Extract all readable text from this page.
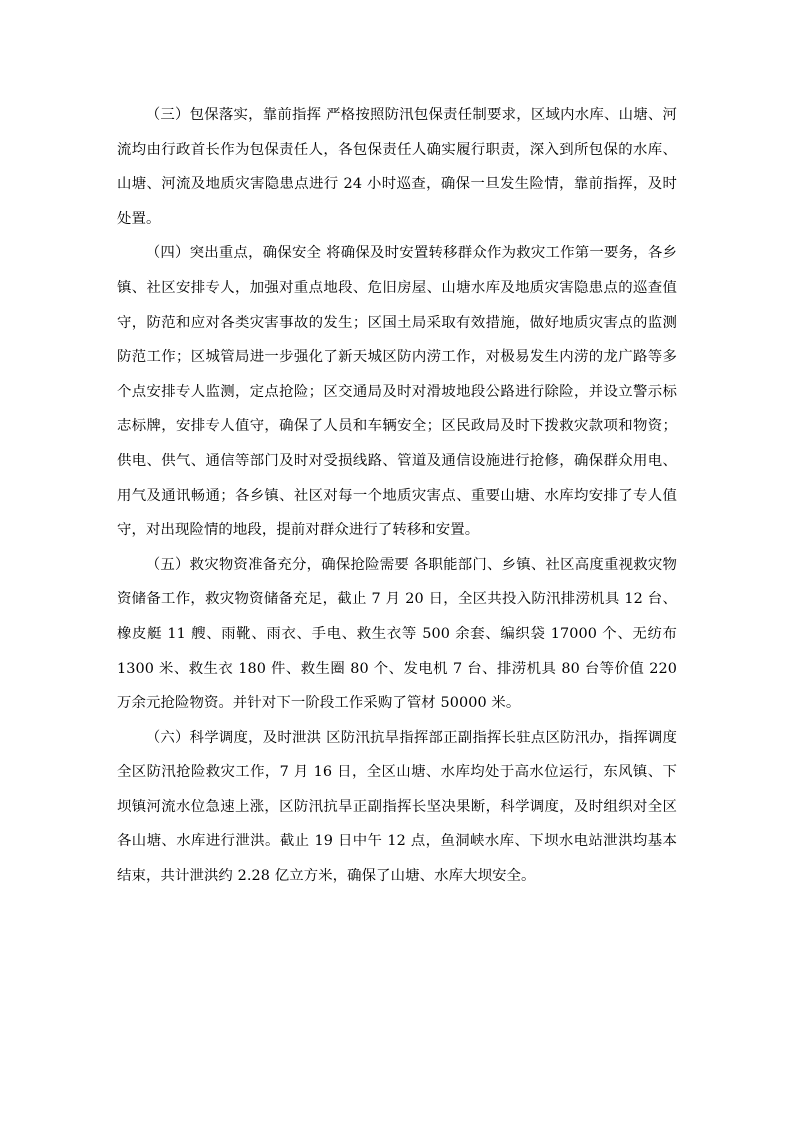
（三）包保落实，靠前指挥 严格按照防汛包保责任制要求，区域内水库、山塘、河流均由行政首长作为包保责任人，各包保责任人确实履行职责，深入到所包保的水库、山塘、河流及地质灾害隐患点进行 24 小时巡查，确保一旦发生险情，靠前指挥，及时处置。

（四）突出重点，确保安全 将确保及时安置转移群众作为救灾工作第一要务，各乡镇、社区安排专人，加强对重点地段、危旧房屋、山塘水库及地质灾害隐患点的巡查值守，防范和应对各类灾害事故的发生；区国土局采取有效措施，做好地质灾害点的监测防范工作；区城管局进一步强化了新天城区防内涝工作，对极易发生内涝的龙广路等多个点安排专人监测，定点抢险；区交通局及时对滑坡地段公路进行除险，并设立警示标志标牌，安排专人值守，确保了人员和车辆安全；区民政局及时下拨救灾款项和物资；供电、供气、通信等部门及时对受损线路、管道及通信设施进行抢修，确保群众用电、用气及通讯畅通；各乡镇、社区对每一个地质灾害点、重要山塘、水库均安排了专人值守，对出现险情的地段，提前对群众进行了转移和安置。

（五）救灾物资准备充分，确保抢险需要 各职能部门、乡镇、社区高度重视救灾物资储备工作，救灾物资储备充足，截止 7 月 20 日，全区共投入防汛排涝机具 12 台、橡皮艇 11 艘、雨靴、雨衣、手电、救生衣等 500 余套、编织袋 17000 个、无纺布 1300 米、救生衣 180 件、救生圈 80 个、发电机 7 台、排涝机具 80 台等价值 220 万余元抢险物资。并针对下一阶段工作采购了管材 50000 米。

（六）科学调度，及时泄洪 区防汛抗旱指挥部正副指挥长驻点区防汛办，指挥调度全区防汛抢险救灾工作，7 月 16 日，全区山塘、水库均处于高水位运行，东风镇、下坝镇河流水位急速上涨，区防汛抗旱正副指挥长坚决果断，科学调度，及时组织对全区各山塘、水库进行泄洪。截止 19 日中午 12 点，鱼洞峡水库、下坝水电站泄洪均基本结束，共计泄洪约 2.28 亿立方米，确保了山塘、水库大坝安全。
